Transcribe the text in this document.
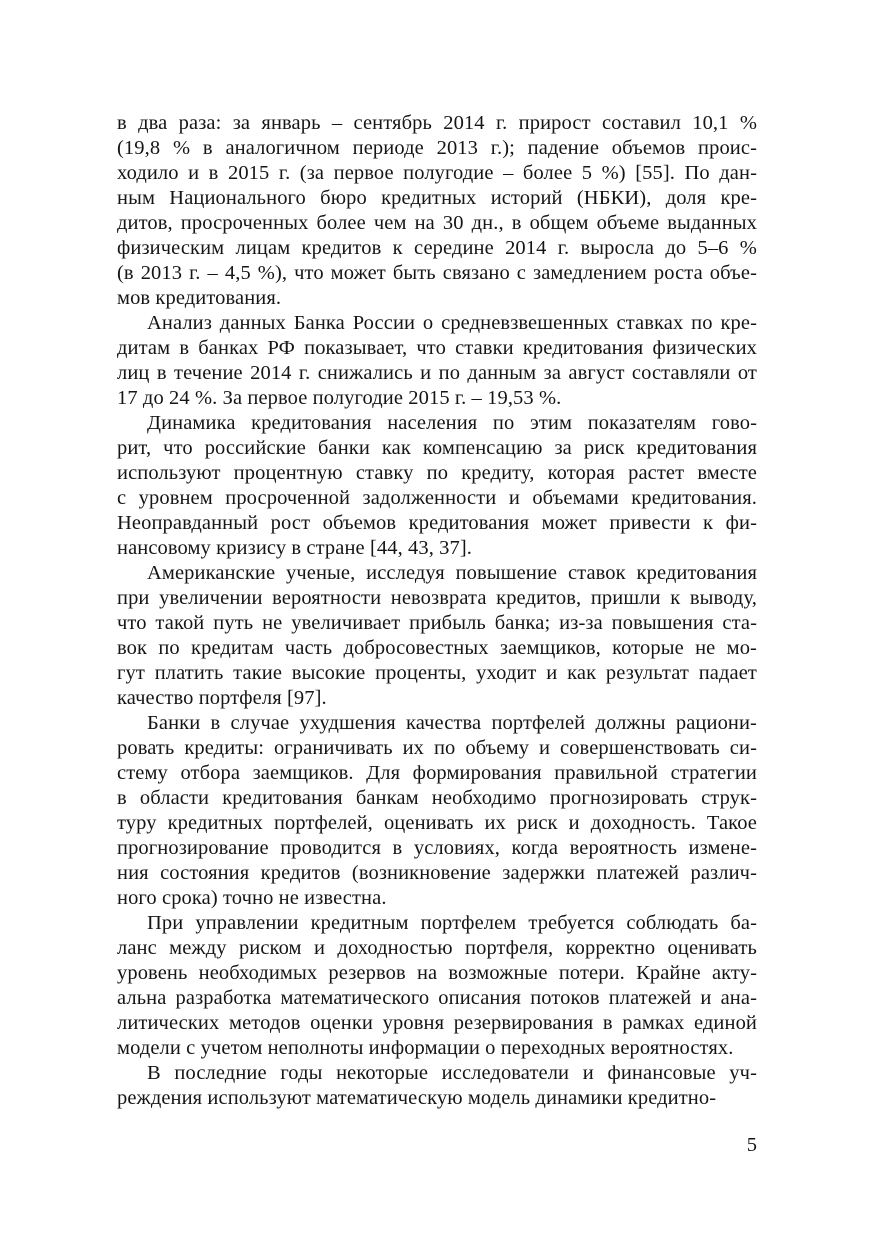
в два раза: за январь – сентябрь 2014 г. прирост составил 10,1 %
(19,8 % в аналогичном периоде 2013 г.); падение объемов проис-
ходило и в 2015 г. (за первое полугодие – более 5 %) [55]. По дан-
ным Национального бюро кредитных историй (НБКИ), доля кре-
дитов, просроченных более чем на 30 дн., в общем объеме выданных
физическим лицам кредитов к середине 2014 г. выросла до 5–6 %
(в 2013 г. – 4,5 %), что может быть связано с замедлением роста объе-
мов кредитования.
Анализ данных Банка России о средневзвешенных ставках по кре-
дитам в банках РФ показывает, что ставки кредитования физических
лиц в течение 2014 г. снижались и по данным за август составляли от
17 до 24 %. За первое полугодие 2015 г. – 19,53 %.
Динамика кредитования населения по этим показателям гово-
рит, что российские банки как компенсацию за риск кредитования
используют процентную ставку по кредиту, которая растет вместе
с уровнем просроченной задолженности и объемами кредитования.
Неоправданный рост объемов кредитования может привести к фи-
нансовому кризису в стране [44, 43, 37].
Американские ученые, исследуя повышение ставок кредитования
при увеличении вероятности невозврата кредитов, пришли к выводу,
что такой путь не увеличивает прибыль банка; из-за повышения ста-
вок по кредитам часть добросовестных заемщиков, которые не мо-
гут платить такие высокие проценты, уходит и как результат падает
качество портфеля [97].
Банки в случае ухудшения качества портфелей должны рациони-
ровать кредиты: ограничивать их по объему и совершенствовать си-
стему отбора заемщиков. Для формирования правильной стратегии
в области кредитования банкам необходимо прогнозировать струк-
туру кредитных портфелей, оценивать их риск и доходность. Такое
прогнозирование проводится в условиях, когда вероятность измене-
ния состояния кредитов (возникновение задержки платежей различ-
ного срока) точно не известна.
При управлении кредитным портфелем требуется соблюдать ба-
ланс между риском и доходностью портфеля, корректно оценивать
уровень необходимых резервов на возможные потери. Крайне акту-
альна разработка математического описания потоков платежей и ана-
литических методов оценки уровня резервирования в рамках единой
модели с учетом неполноты информации о переходных вероятностях.
В последние годы некоторые исследователи и финансовые уч-
реждения используют математическую модель динамики кредитно-
5
